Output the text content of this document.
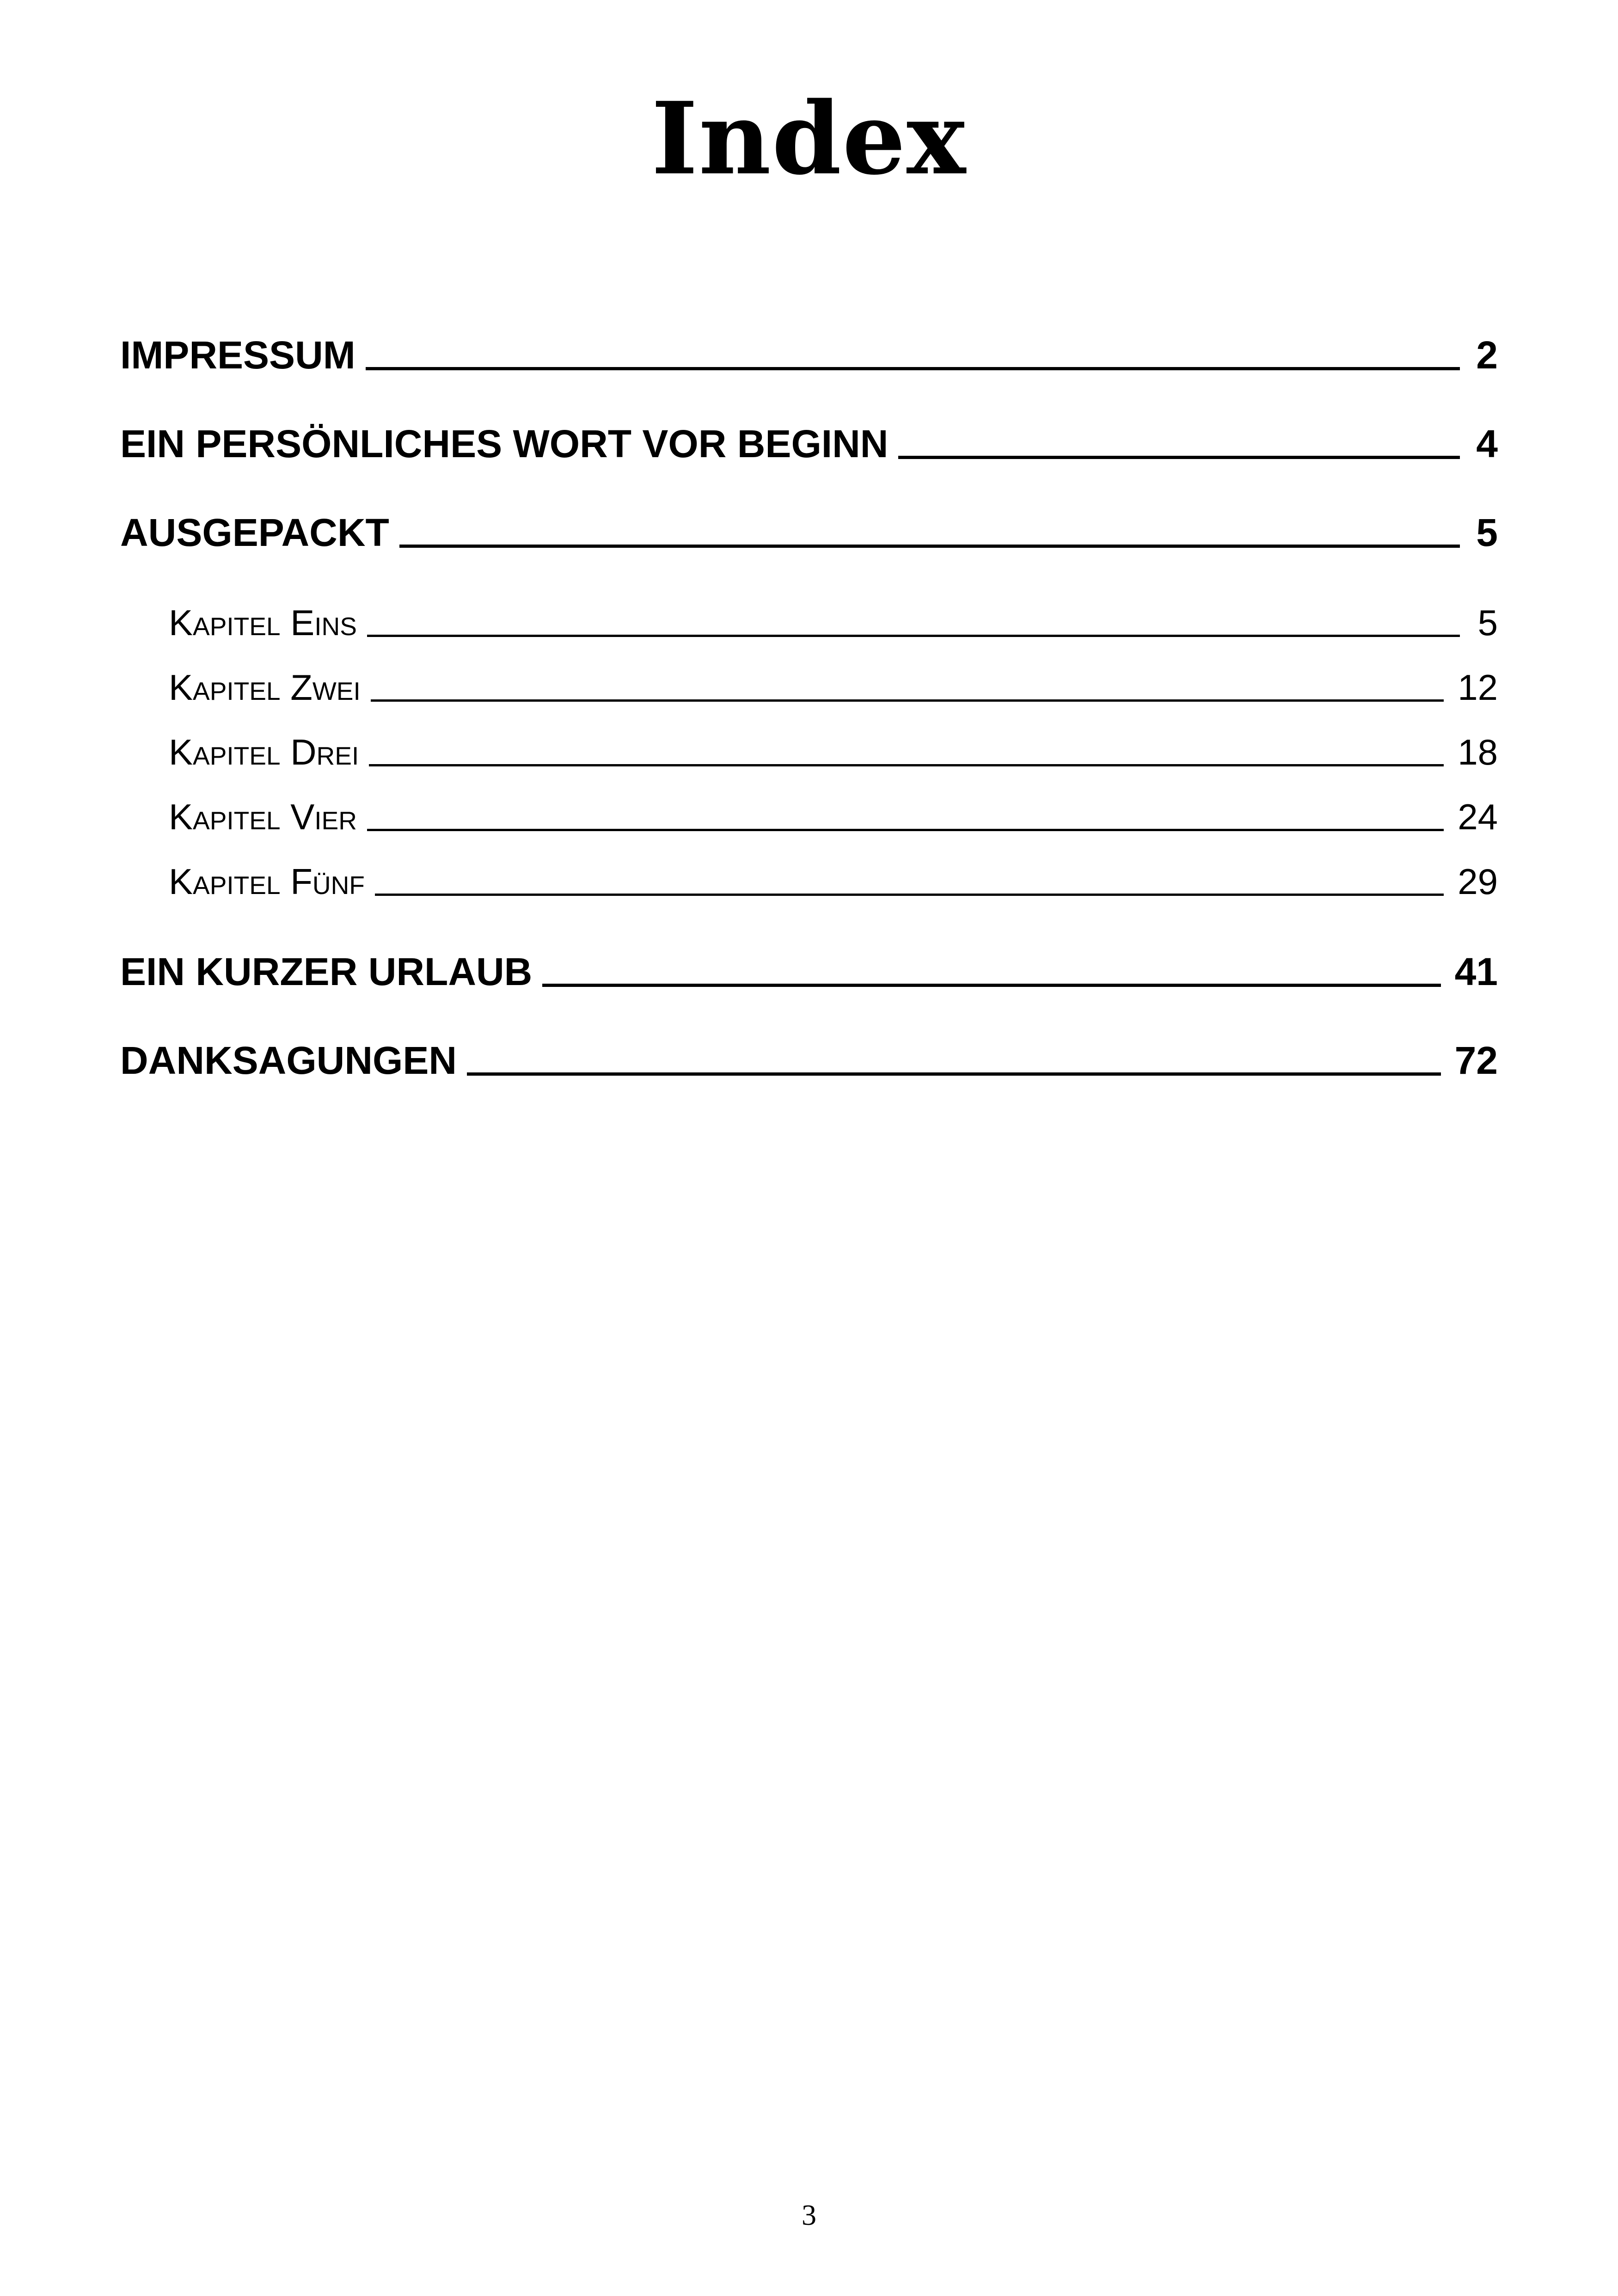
Index
IMPRESSUM	2
EIN PERSÖNLICHES WORT VOR BEGINN	4
AUSGEPACKT	5
Kapitel Eins	5
Kapitel Zwei	12
Kapitel Drei	18
Kapitel Vier	24
Kapitel Fünf	29
EIN KURZER URLAUB	41
DANKSAGUNGEN	72
3
